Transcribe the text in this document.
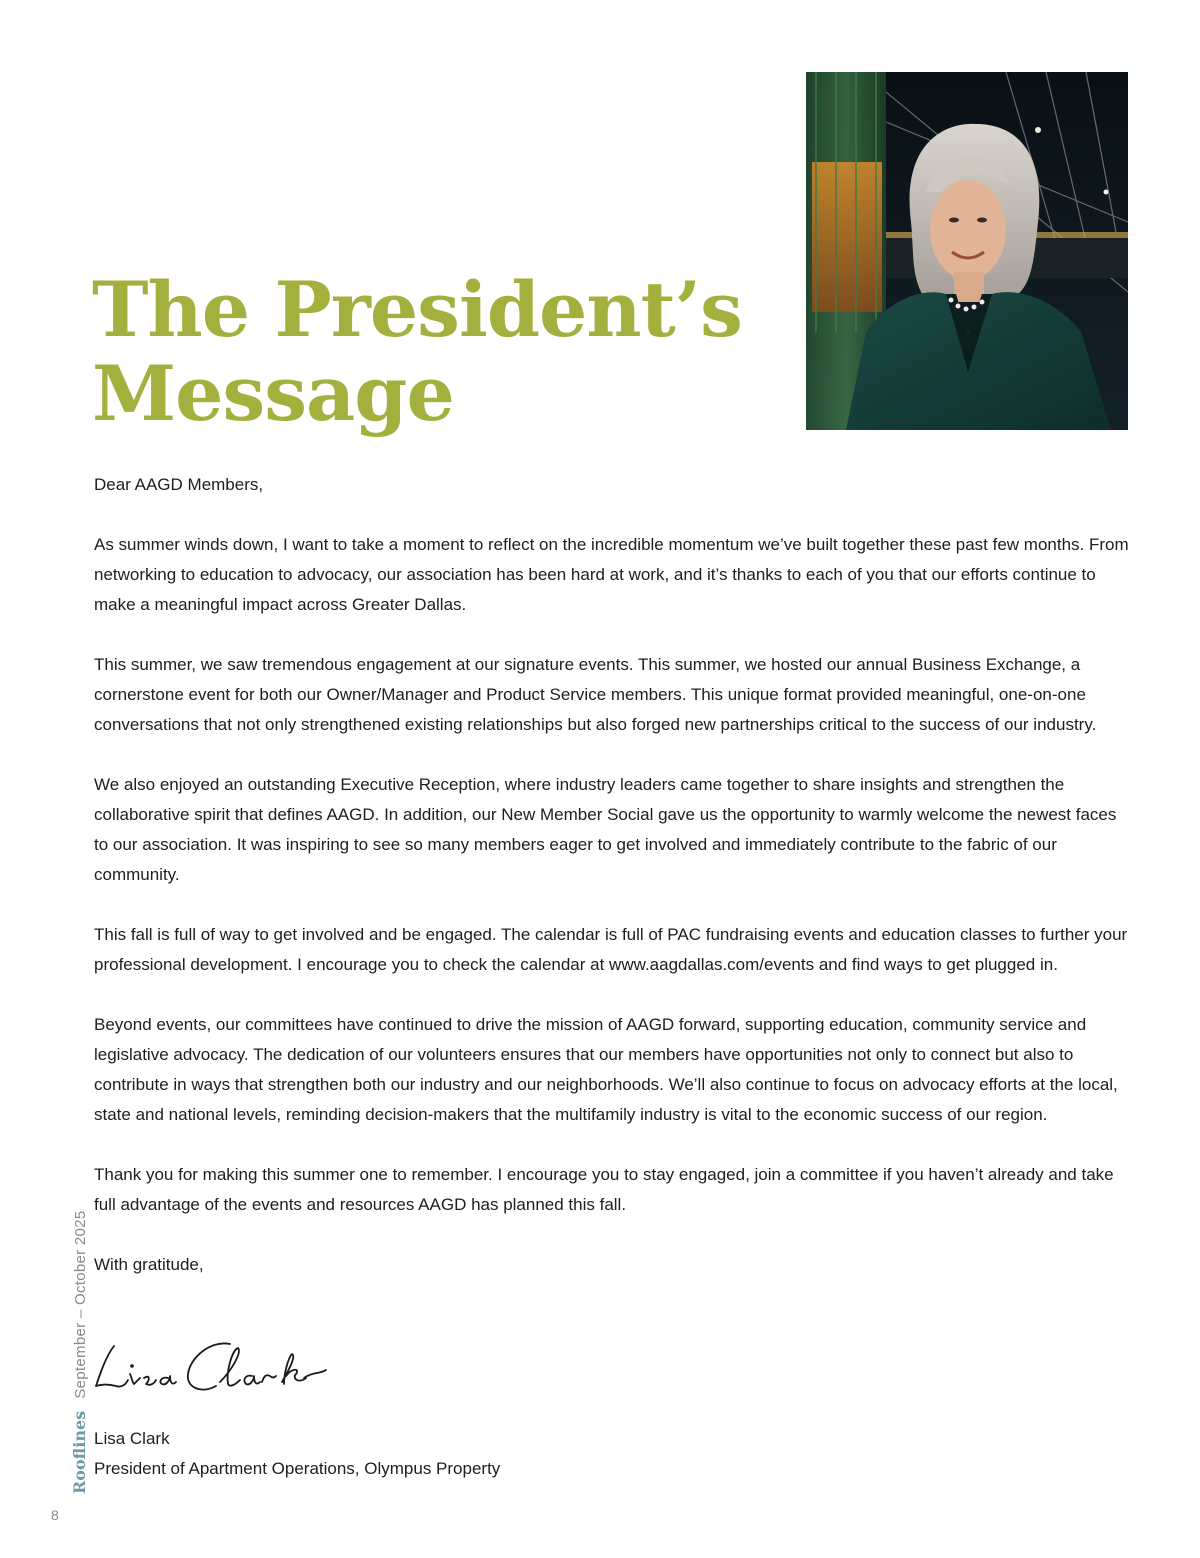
The President’s
Message

Dear AAGD Members,

As summer winds down, I want to take a moment to reflect on the incredible momentum we’ve built together these past few months. From networking to education to advocacy, our association has been hard at work, and it’s thanks to each of you that our efforts continue to make a meaningful impact across Greater Dallas.

This summer, we saw tremendous engagement at our signature events. This summer, we hosted our annual Business Exchange, a cornerstone event for both our Owner/Manager and Product Service members. This unique format provided meaningful, one-on-one conversations that not only strengthened existing relationships but also forged new partnerships critical to the success of our industry.

We also enjoyed an outstanding Executive Reception, where industry leaders came together to share insights and strengthen the collaborative spirit that defines AAGD. In addition, our New Member Social gave us the opportunity to warmly welcome the newest faces to our association. It was inspiring to see so many members eager to get involved and immediately contribute to the fabric of our community.

This fall is full of way to get involved and be engaged. The calendar is full of PAC fundraising events and education classes to further your professional development. I encourage you to check the calendar at www.aagdallas.com/events and find ways to get plugged in.

Beyond events, our committees have continued to drive the mission of AAGD forward, supporting education, community service and legislative advocacy. The dedication of our volunteers ensures that our members have opportunities not only to connect but also to contribute in ways that strengthen both our industry and our neighborhoods. We’ll also continue to focus on advocacy efforts at the local, state and national levels, reminding decision-makers that the multifamily industry is vital to the economic success of our region.

Thank you for making this summer one to remember. I encourage you to stay engaged, join a committee if you haven’t already and take full advantage of the events and resources AAGD has planned this fall.

With gratitude,

Lisa Clark
President of Apartment Operations, Olympus Property
Rooflines September – October 2025
8
